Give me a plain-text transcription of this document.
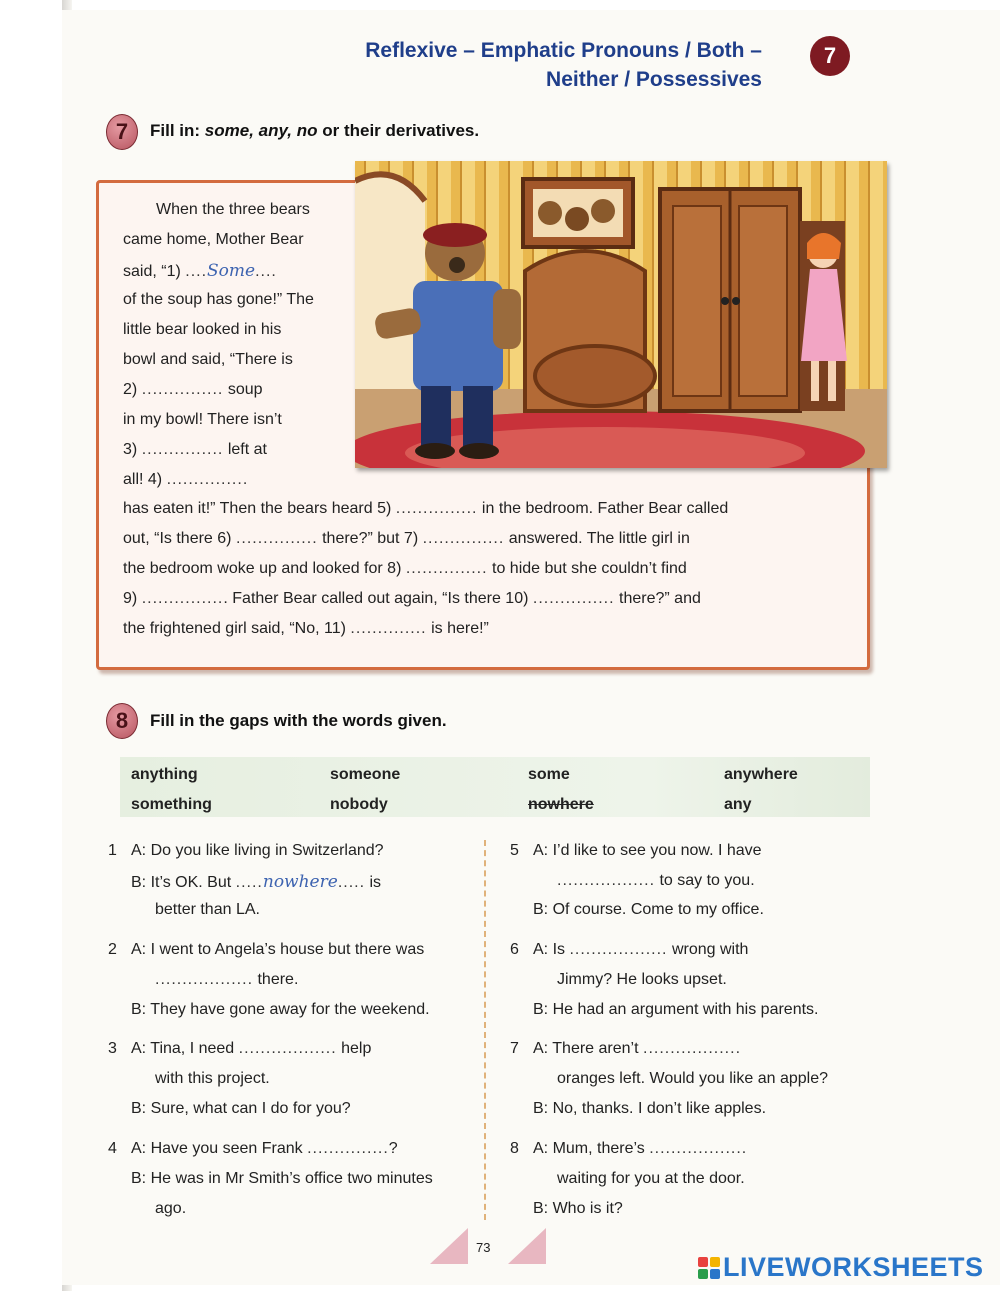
Reflexive – Emphatic Pronouns / Both –
Neither / Possessives
7
7	Fill in: some, any, no or their derivatives.
When the three bears
came home, Mother Bear
said, “1) ....Some....
of the soup has gone!” The
little bear looked in his
bowl and said, “There is
2) ............... soup
in my bowl! There isn’t
3) ............... left at
all! 4) ...............
has eaten it!” Then the bears heard 5) ............... in the bedroom. Father Bear called
out, “Is there 6) ............... there?” but 7) ............... answered. The little girl in
the bedroom woke up and looked for 8) ............... to hide but she couldn’t find
9) ................ Father Bear called out again, “Is there 10) ............... there?” and
the frightened girl said, “No, 11) .............. is here!”
8	Fill in the gaps with the words given.
anything	someone	some	anywhere
something	nobody	nowhere	any
1 A: Do you like living in Switzerland?
B: It’s OK. But .....nowhere..... is
better than LA.
2 A: I went to Angela’s house but there was
.................. there.
B: They have gone away for the weekend.
3 A: Tina, I need .................. help
with this project.
B: Sure, what can I do for you?
4 A: Have you seen Frank ...............?
B: He was in Mr Smith’s office two minutes
ago.
5 A: I’d like to see you now. I have
.................. to say to you.
B: Of course. Come to my office.
6 A: Is .................. wrong with
Jimmy? He looks upset.
B: He had an argument with his parents.
7 A: There aren’t ..................
oranges left. Would you like an apple?
B: No, thanks. I don’t like apples.
8 A: Mum, there’s ..................
waiting for you at the door.
B: Who is it?
73
LIVEWORKSHEETS
